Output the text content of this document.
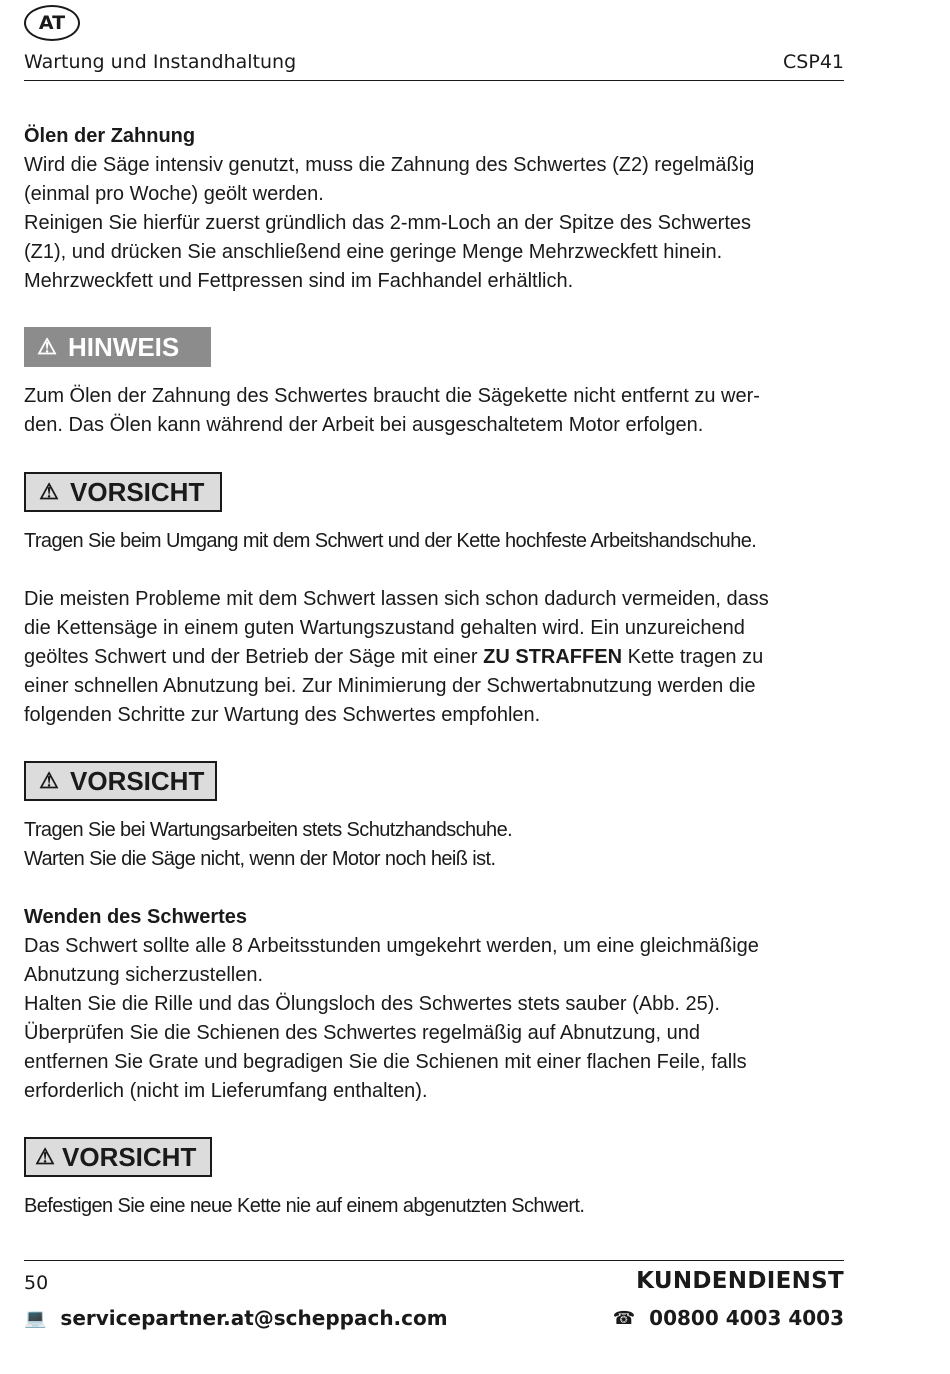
AT
Wartung und Instandhaltung	CSP41
Ölen der Zahnung
Wird die Säge intensiv genutzt, muss die Zahnung des Schwertes (Z2) regelmäßig
(einmal pro Woche) geölt werden.
Reinigen Sie hierfür zuerst gründlich das 2-mm-Loch an der Spitze des Schwertes
(Z1), und drücken Sie anschließend eine geringe Menge Mehrzweckfett hinein.
Mehrzweckfett und Fettpressen sind im Fachhandel erhältlich.
⚠ HINWEIS
Zum Ölen der Zahnung des Schwertes braucht die Sägekette nicht entfernt zu wer-
den. Das Ölen kann während der Arbeit bei ausgeschaltetem Motor erfolgen.
⚠ VORSICHT
Tragen Sie beim Umgang mit dem Schwert und der Kette hochfeste Arbeitshandschuhe.
Die meisten Probleme mit dem Schwert lassen sich schon dadurch vermeiden, dass
die Kettensäge in einem guten Wartungszustand gehalten wird. Ein unzureichend
geöltes Schwert und der Betrieb der Säge mit einer ZU STRAFFEN Kette tragen zu
einer schnellen Abnutzung bei. Zur Minimierung der Schwertabnutzung werden die
folgenden Schritte zur Wartung des Schwertes empfohlen.
⚠ VORSICHT
Tragen Sie bei Wartungsarbeiten stets Schutzhandschuhe.
Warten Sie die Säge nicht, wenn der Motor noch heiß ist.
Wenden des Schwertes
Das Schwert sollte alle 8 Arbeitsstunden umgekehrt werden, um eine gleichmäßige
Abnutzung sicherzustellen.
Halten Sie die Rille und das Ölungsloch des Schwertes stets sauber (Abb. 25).
Überprüfen Sie die Schienen des Schwertes regelmäßig auf Abnutzung, und
entfernen Sie Grate und begradigen Sie die Schienen mit einer flachen Feile, falls
erforderlich (nicht im Lieferumfang enthalten).
⚠ VORSICHT
Befestigen Sie eine neue Kette nie auf einem abgenutzten Schwert.
50	KUNDENDIENST
💻 servicepartner.at@scheppach.com	☎ 00800 4003 4003
